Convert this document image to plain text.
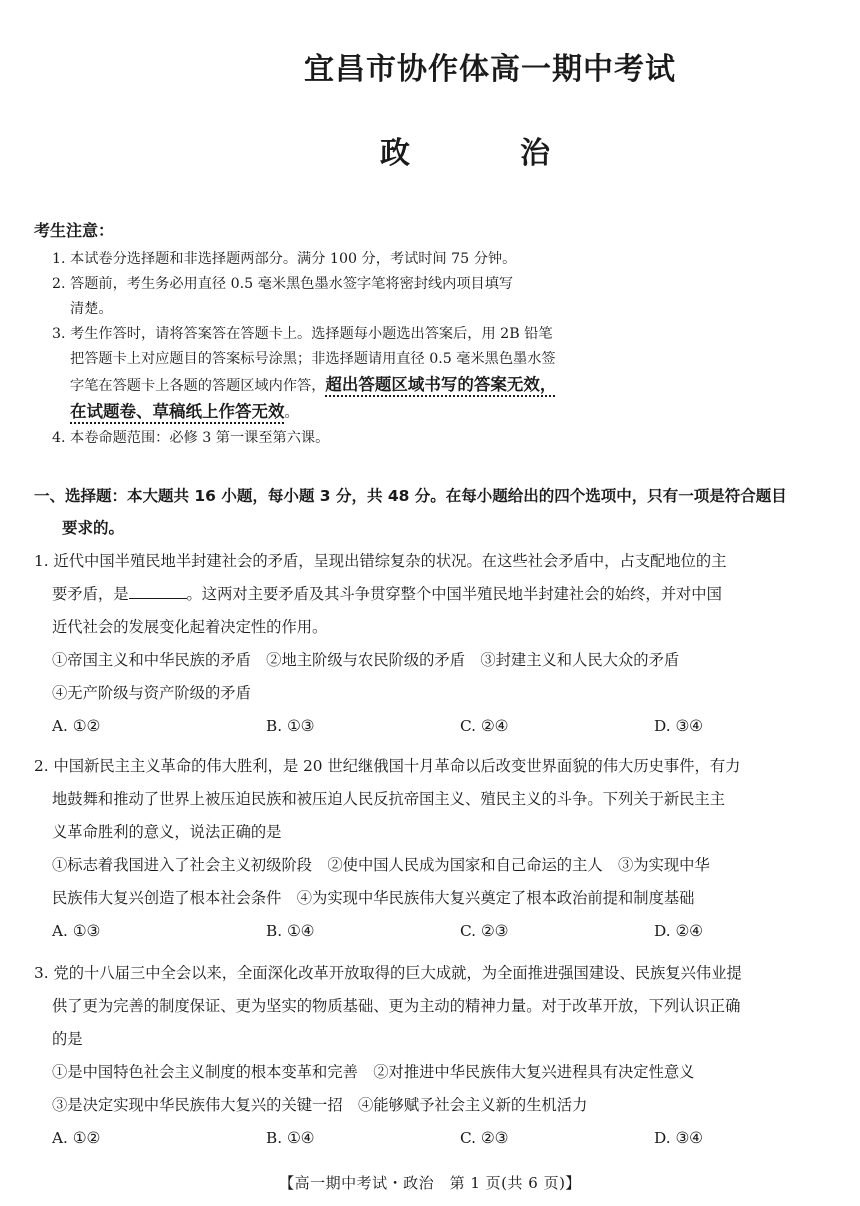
宜昌市协作体高一期中考试
政　治
考生注意：
1. 本试卷分选择题和非选择题两部分。满分 100 分，考试时间 75 分钟。
2. 答题前，考生务必用直径 0.5 毫米黑色墨水签字笔将密封线内项目填写
清楚。
3. 考生作答时，请将答案答在答题卡上。选择题每小题选出答案后，用 2B 铅笔
把答题卡上对应题目的答案标号涂黑；非选择题请用直径 0.5 毫米黑色墨水签
字笔在答题卡上各题的答题区域内作答，超出答题区域书写的答案无效，
在试题卷、草稿纸上作答无效。
4. 本卷命题范围：必修 3 第一课至第六课。
一、选择题：本大题共 16 小题，每小题 3 分，共 48 分。在每小题给出的四个选项中，只有一项是符合题目
要求的。
1. 近代中国半殖民地半封建社会的矛盾，呈现出错综复杂的状况。在这些社会矛盾中，占支配地位的主
要矛盾，是	。这两对主要矛盾及其斗争贯穿整个中国半殖民地半封建社会的始终，并对中国
近代社会的发展变化起着决定性的作用。
①帝国主义和中华民族的矛盾　②地主阶级与农民阶级的矛盾　③封建主义和人民大众的矛盾
④无产阶级与资产阶级的矛盾
A. ①②	B. ①③	C. ②④	D. ③④
2. 中国新民主主义革命的伟大胜利，是 20 世纪继俄国十月革命以后改变世界面貌的伟大历史事件，有力
地鼓舞和推动了世界上被压迫民族和被压迫人民反抗帝国主义、殖民主义的斗争。下列关于新民主主
义革命胜利的意义，说法正确的是
①标志着我国进入了社会主义初级阶段　②使中国人民成为国家和自己命运的主人　③为实现中华
民族伟大复兴创造了根本社会条件　④为实现中华民族伟大复兴奠定了根本政治前提和制度基础
A. ①③	B. ①④	C. ②③	D. ②④
3. 党的十八届三中全会以来，全面深化改革开放取得的巨大成就，为全面推进强国建设、民族复兴伟业提
供了更为完善的制度保证、更为坚实的物质基础、更为主动的精神力量。对于改革开放，下列认识正确
的是
①是中国特色社会主义制度的根本变革和完善　②对推进中华民族伟大复兴进程具有决定性意义
③是决定实现中华民族伟大复兴的关键一招　④能够赋予社会主义新的生机活力
A. ①②	B. ①④	C. ②③	D. ③④
【高一期中考试・政治　第 1 页(共 6 页)】
